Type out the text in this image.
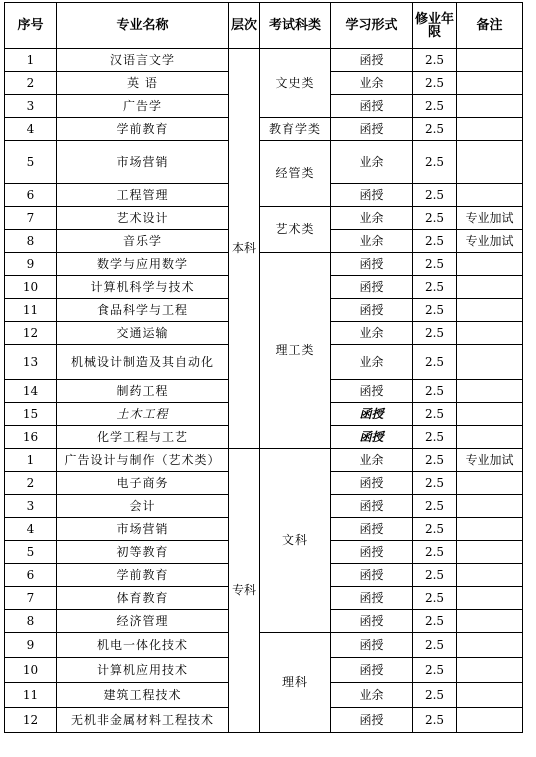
序号	专业名称	层次	考试科类	学习形式	修业年限	备注
1	汉语言文学	本科	文史类	函授	2.5	
2	英 语			业余	2.5	
3	广告学			函授	2.5	
4	学前教育		教育学类	函授	2.5	
5	市场营销		经管类	业余	2.5	
6	工程管理			函授	2.5	
7	艺术设计		艺术类	业余	2.5	专业加试
8	音乐学			业余	2.5	专业加试
9	数学与应用数学		理工类	函授	2.5	
10	计算机科学与技术			函授	2.5	
11	食品科学与工程			函授	2.5	
12	交通运输			业余	2.5	
13	机械设计制造及其自动化			业余	2.5	
14	制药工程			函授	2.5	
15	土木工程			函授	2.5	
16	化学工程与工艺			函授	2.5	
1	广告设计与制作（艺术类）	专科	文科	业余	2.5	专业加试
2	电子商务			函授	2.5	
3	会计			函授	2.5	
4	市场营销			函授	2.5	
5	初等教育			函授	2.5	
6	学前教育			函授	2.5	
7	体育教育			函授	2.5	
8	经济管理			函授	2.5	
9	机电一体化技术		理科	函授	2.5	
10	计算机应用技术			函授	2.5	
11	建筑工程技术			业余	2.5	
12	无机非金属材料工程技术			函授	2.5	
